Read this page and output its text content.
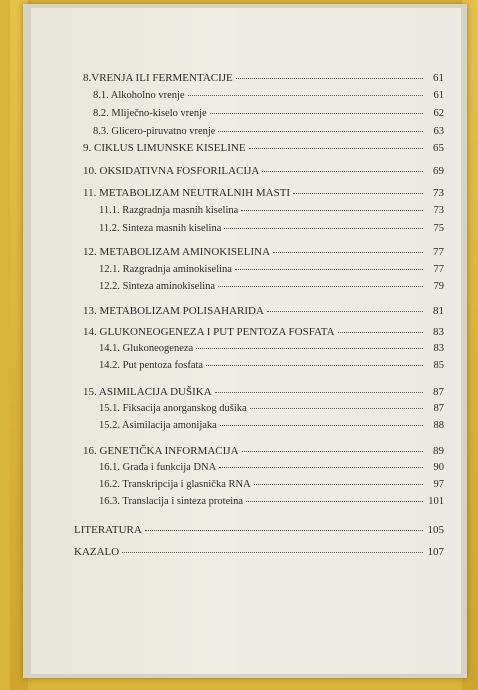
8.VRENJA ILI FERMENTACIJE	61
8.1. Alkoholno vrenje	61
8.2. Mliječno-kiselo vrenje	62
8.3. Glicero-piruvatno vrenje	63
9. CIKLUS LIMUNSKE KISELINE	65
10. OKSIDATIVNA FOSFORILACIJA	69
11. METABOLIZAM NEUTRALNIH MASTI	73
11.1. Razgradnja masnih kiselina	73
11.2. Sinteza masnih kiselina	75
12. METABOLIZAM AMINOKISELINA	77
12.1. Razgradnja aminokiselina	77
12.2. Sinteza aminokiselina	79
13. METABOLIZAM POLISAHARIDA	81
14. GLUKONEOGENEZA I PUT PENTOZA FOSFATA	83
14.1. Glukoneogeneza	83
14.2. Put pentoza fosfata	85
15. ASIMILACIJA DUŠIKA	87
15.1. Fiksacija anorganskog dušika	87
15.2. Asimilacija amonijaka	88
16. GENETIČKA INFORMACIJA	89
16.1. Građa i funkcija DNA	90
16.2. Transkripcija i glasnička RNA	97
16.3. Translacija i sinteza proteina	101
LITERATURA	105
KAZALO	107
